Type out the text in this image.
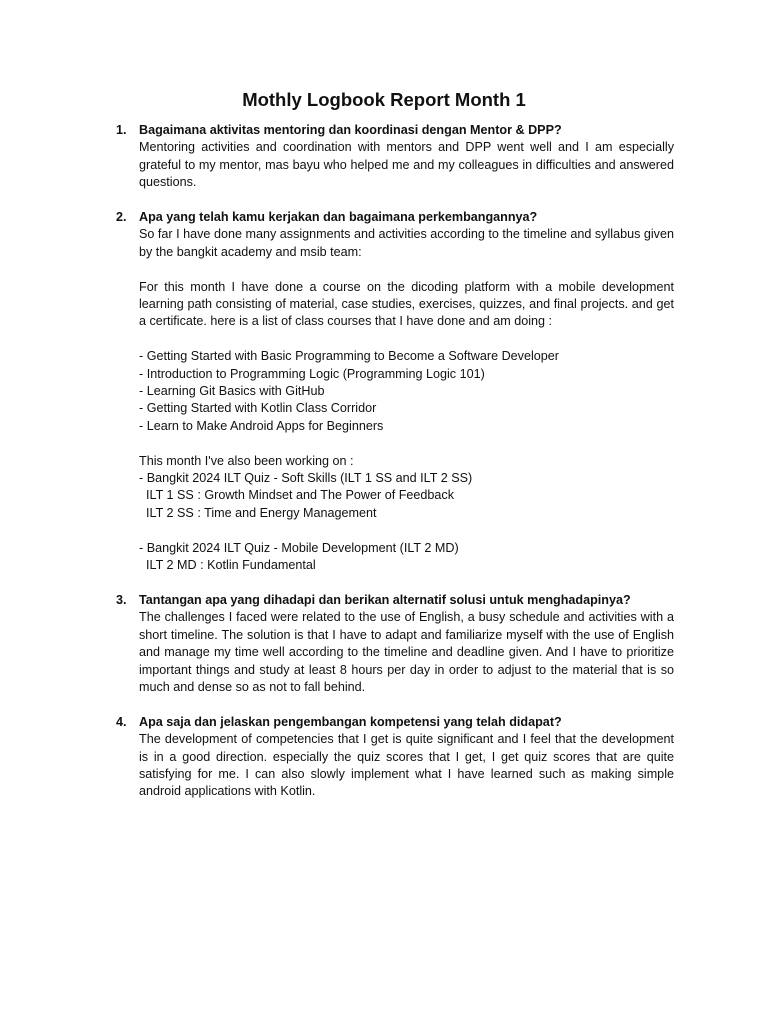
Mothly Logbook Report Month 1
1. Bagaimana aktivitas mentoring dan koordinasi dengan Mentor & DPP?

Mentoring activities and coordination with mentors and DPP went well and I am especially grateful to my mentor, mas bayu who helped me and my colleagues in difficulties and answered questions.

2. Apa yang telah kamu kerjakan dan bagaimana perkembangannya?

So far I have done many assignments and activities according to the timeline and syllabus given by the bangkit academy and msib team:

For this month I have done a course on the dicoding platform with a mobile development learning path consisting of material, case studies, exercises, quizzes, and final projects. and get a certificate. here is a list of class courses that I have done and am doing :

- Getting Started with Basic Programming to Become a Software Developer

- Introduction to Programming Logic (Programming Logic 101)

- Learning Git Basics with GitHub

- Getting Started with Kotlin Class Corridor

- Learn to Make Android Apps for Beginners

This month I've also been working on :

- Bangkit 2024 ILT Quiz - Soft Skills (ILT 1 SS and ILT 2 SS)

ILT 1 SS : Growth Mindset and The Power of Feedback

ILT 2 SS : Time and Energy Management

- Bangkit 2024 ILT Quiz - Mobile Development (ILT 2 MD)

ILT 2 MD : Kotlin Fundamental

3. Tantangan apa yang dihadapi dan berikan alternatif solusi untuk menghadapinya?

The challenges I faced were related to the use of English, a busy schedule and activities with a short timeline. The solution is that I have to adapt and familiarize myself with the use of English and manage my time well according to the timeline and deadline given. And I have to prioritize important things and study at least 8 hours per day in order to adjust to the material that is so much and dense so as not to fall behind.

4. Apa saja dan jelaskan pengembangan kompetensi yang telah didapat?

The development of competencies that I get is quite significant and I feel that the development is in a good direction. especially the quiz scores that I get, I get quiz scores that are quite satisfying for me. I can also slowly implement what I have learned such as making simple android applications with Kotlin.
